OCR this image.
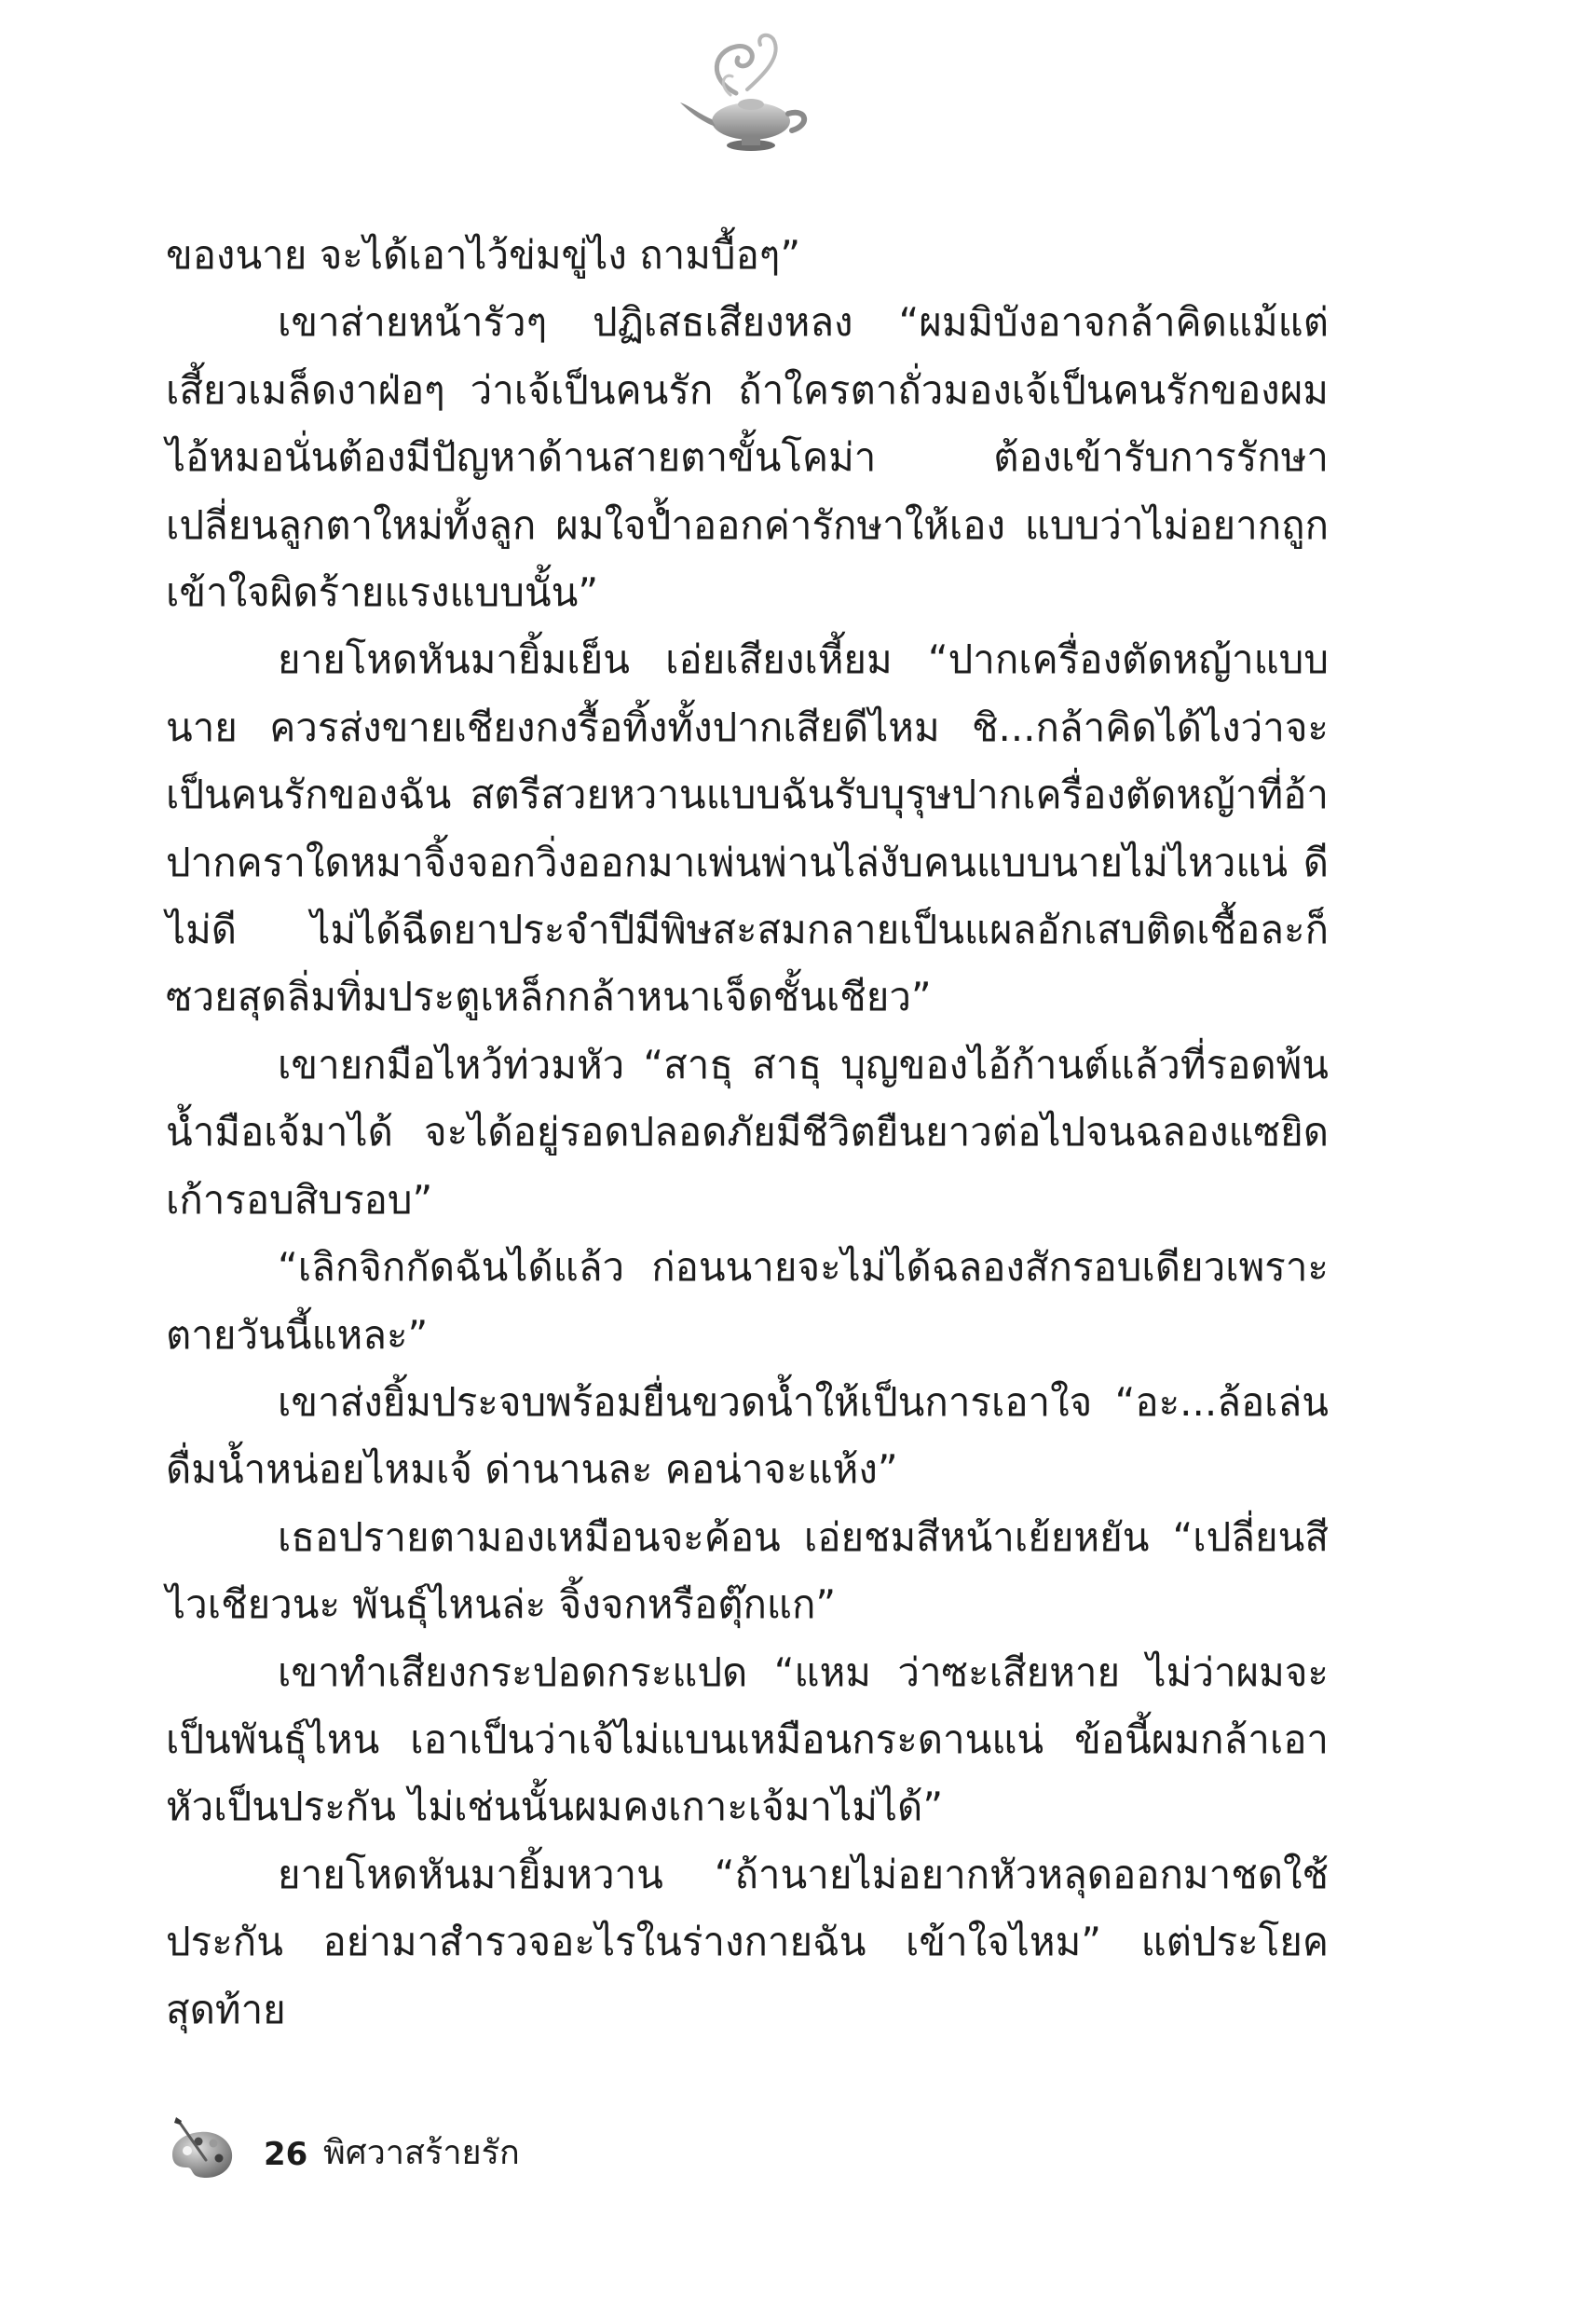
ของนาย จะได้เอาไว้ข่มขู่ไง ถามบื้อๆ”

เขาส่ายหน้ารัวๆ ปฏิเสธเสียงหลง “ผมมิบังอาจกล้าคิดแม้แต่เสี้ยวเมล็ดงาฝ่อๆ ว่าเจ้เป็นคนรัก ถ้าใครตาถั่วมองเจ้เป็นคนรักของผม ไอ้หมอนั่นต้องมีปัญหาด้านสายตาขั้นโคม่า ต้องเข้ารับการรักษาเปลี่ยนลูกตาใหม่ทั้งลูก ผมใจป้ำออกค่ารักษาให้เอง แบบว่าไม่อยากถูกเข้าใจผิดร้ายแรงแบบนั้น”

ยายโหดหันมายิ้มเย็น เอ่ยเสียงเหี้ยม “ปากเครื่องตัดหญ้าแบบนาย ควรส่งขายเชียงกงรื้อทิ้งทั้งปากเสียดีไหม ชิ...กล้าคิดได้ไงว่าจะเป็นคนรักของฉัน สตรีสวยหวานแบบฉันรับบุรุษปากเครื่องตัดหญ้าที่อ้าปากคราใดหมาจิ้งจอกวิ่งออกมาเพ่นพ่านไล่งับคนแบบนายไม่ไหวแน่ ดีไม่ดี ไม่ได้ฉีดยาประจำปีมีพิษสะสมกลายเป็นแผลอักเสบติดเชื้อละก็ ซวยสุดลิ่มทิ่มประตูเหล็กกล้าหนาเจ็ดชั้นเชียว”

เขายกมือไหว้ท่วมหัว “สาธุ สาธุ บุญของไอ้ก้านต์แล้วที่รอดพ้นน้ำมือเจ้มาได้ จะได้อยู่รอดปลอดภัยมีชีวิตยืนยาวต่อไปจนฉลองแซยิดเก้ารอบสิบรอบ”

“เลิกจิกกัดฉันได้แล้ว ก่อนนายจะไม่ได้ฉลองสักรอบเดียวเพราะตายวันนี้แหละ”

เขาส่งยิ้มประจบพร้อมยื่นขวดน้ำให้เป็นการเอาใจ “อะ...ล้อเล่น ดื่มน้ำหน่อยไหมเจ้ ด่านานละ คอน่าจะแห้ง”

เธอปรายตามองเหมือนจะค้อน เอ่ยชมสีหน้าเย้ยหยัน “เปลี่ยนสีไวเชียวนะ พันธุ์ไหนล่ะ จิ้งจกหรือตุ๊กแก”

เขาทำเสียงกระปอดกระแปด “แหม ว่าซะเสียหาย ไม่ว่าผมจะเป็นพันธุ์ไหน เอาเป็นว่าเจ้ไม่แบนเหมือนกระดานแน่ ข้อนี้ผมกล้าเอาหัวเป็นประกัน ไม่เช่นนั้นผมคงเกาะเจ้มาไม่ได้”

ยายโหดหันมายิ้มหวาน “ถ้านายไม่อยากหัวหลุดออกมาชดใช้ประกัน อย่ามาสำรวจอะไรในร่างกายฉัน เข้าใจไหม” แต่ประโยคสุดท้าย

26 พิศวาสร้ายรัก
